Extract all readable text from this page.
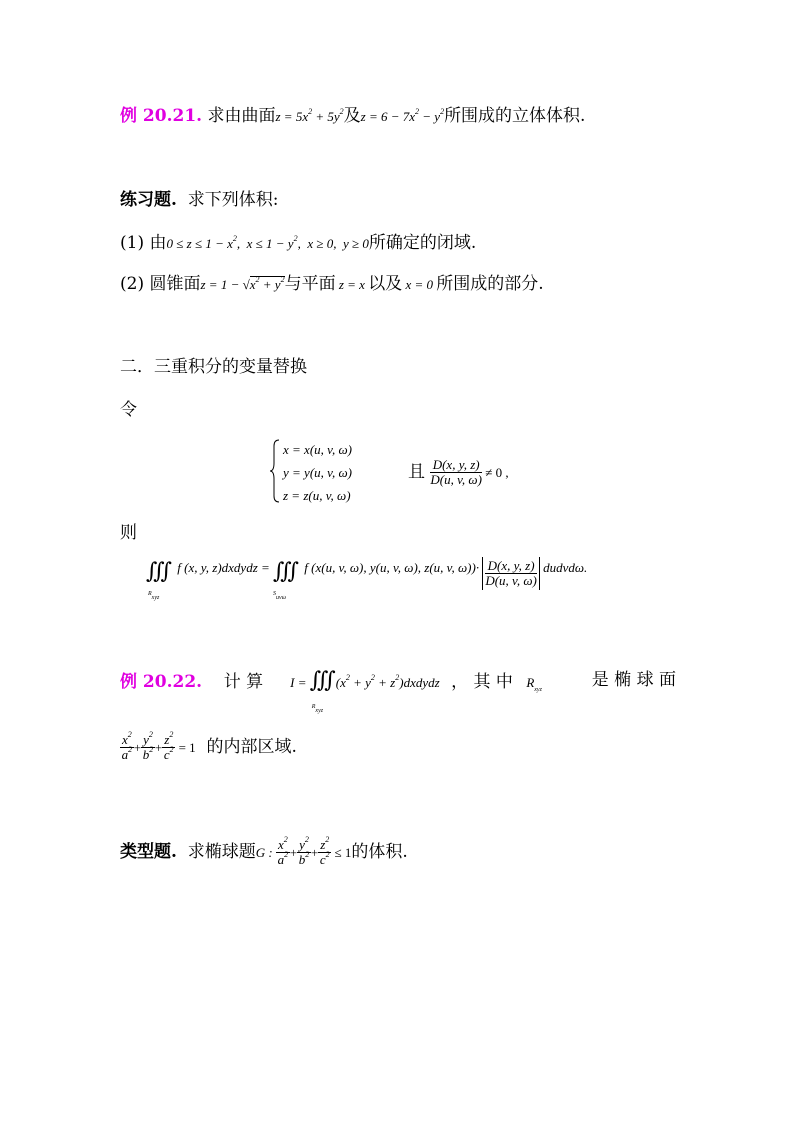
例 20.21. 求由曲面$z = 5x^2 + 5y^2$及$z = 6 - 7x^2 - y^2$所围成的立体体积.
练习题. 求下列体积:
(1) 由$0 \le z \le 1 - x^2$,  $x \le 1 - y^2$,  x ≥ 0,  y ≥ 0所确定的闭域.
(2) 圆锥面$z = 1 - √x^2 + y^2$与平面 z = x 以及 x = 0 所围成的部分.
二．三重积分的变量替换
令
x = x(u, v, ω)
y = y(u, v, ω)
z = z(u, v, ω)
且 $\frac{D(x, y, z)}{D(u, v, \omega)} \ne 0$ ,
则
∭
$R_{xyz}$
f (x, y, z)dxdydz = ∭
$S_{uv\omega}$
f (x(u, v, ω), y(u, v, ω), z(u, v, $\omega))\cdot \frac{D(x, y, z)}{D(u, v, \omega)}$ dudvdω.
例 20.22. 计 算 I = ∭
$R_{xyz}$
($x^2 + y^2$ + $z^2)dxdydz$ ， 其 中 $R_{xyz}$	是 椭 球 面
$\frac{x^2}{a^2} + \frac{y^2}{b^2} + \frac{z^2}{c^2} = 1$ 的内部区域.
类型题. 求椭球题G : $\frac{x^2}{a^2} + \frac{y^2}{b^2} + \frac{z^2}{c^2} \le 1$的体积.
